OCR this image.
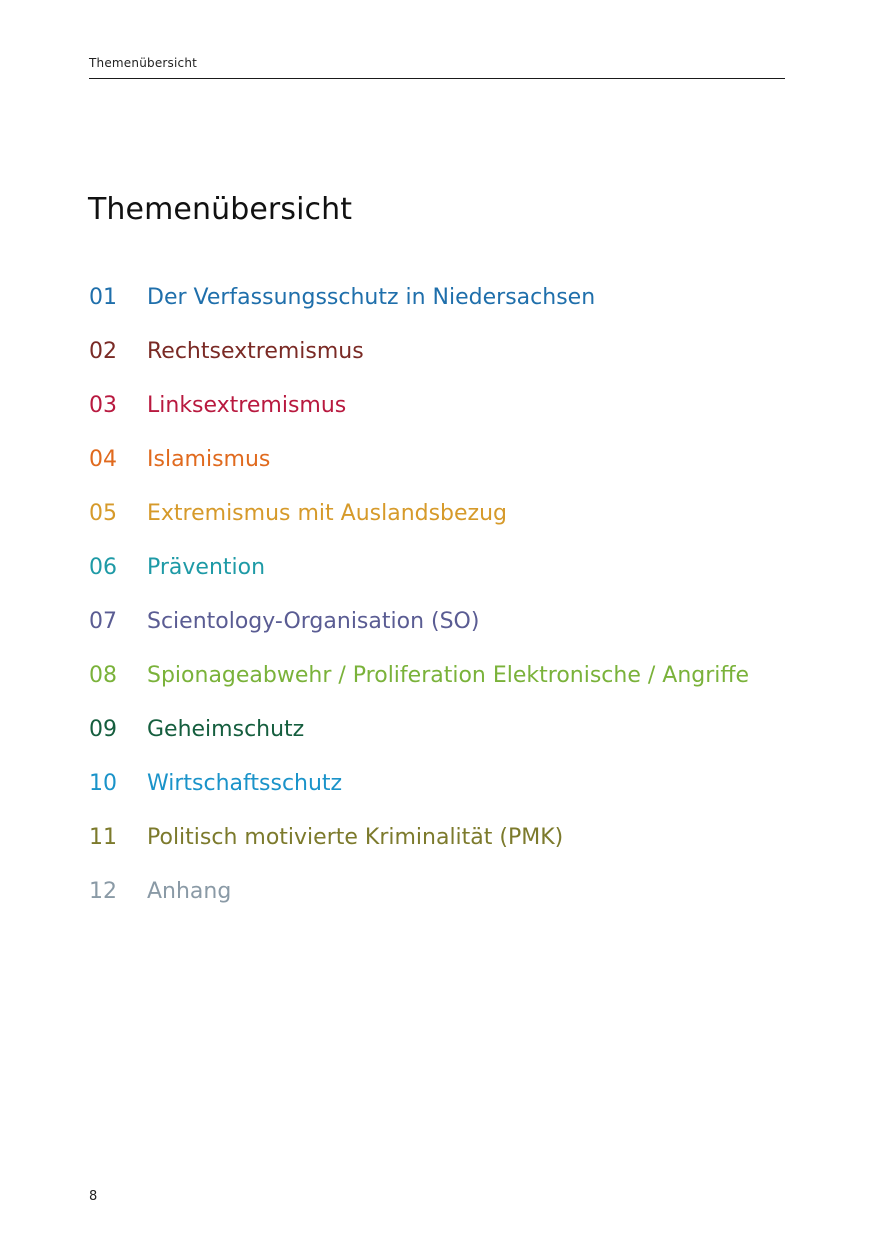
Themenübersicht
Themenübersicht
01 Der Verfassungsschutz in Niedersachsen
02 Rechtsextremismus
03 Linksextremismus
04 Islamismus
05 Extremismus mit Auslandsbezug
06 Prävention
07 Scientology-Organisation (SO)
08 Spionageabwehr / Proliferation Elektronische / Angriffe
09 Geheimschutz
10 Wirtschaftsschutz
11 Politisch motivierte Kriminalität (PMK)
12 Anhang
8
